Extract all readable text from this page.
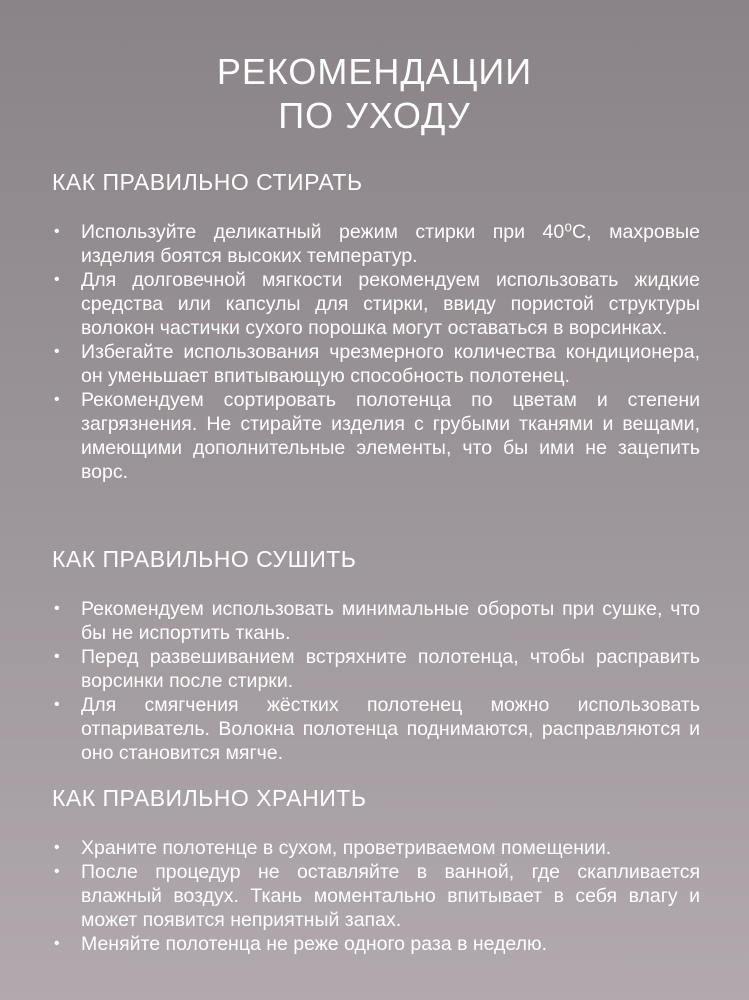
РЕКОМЕНДАЦИИ
ПО УХОДУ
КАК ПРАВИЛЬНО СТИРАТЬ
• Используйте деликатный режим стирки при 40⁰С, махровые изделия боятся высоких температур.
• Для долговечной мягкости рекомендуем использовать жидкие средства или капсулы для стирки, ввиду пористой структуры волокон частички сухого порошка могут оставаться в ворсинках.
• Избегайте использования чрезмерного количества кондиционера, он уменьшает впитывающую способность полотенец.
• Рекомендуем сортировать полотенца по цветам и степени загрязнения. Не стирайте изделия с грубыми тканями и вещами, имеющими дополнительные элементы, что бы ими не зацепить ворс.
КАК ПРАВИЛЬНО СУШИТЬ
• Рекомендуем использовать минимальные обороты при сушке, что бы не испортить ткань.
• Перед развешиванием встряхните полотенца, чтобы расправить ворсинки после стирки.
• Для смягчения жёстких полотенец можно использовать отпариватель. Волокна полотенца поднимаются, расправляются и оно становится мягче.
КАК ПРАВИЛЬНО ХРАНИТЬ
• Храните полотенце в сухом, проветриваемом помещении.
• После процедур не оставляйте в ванной, где скапливается влажный воздух. Ткань моментально впитывает в себя влагу и может появится неприятный запах.
• Меняйте полотенца не реже одного раза в неделю.
